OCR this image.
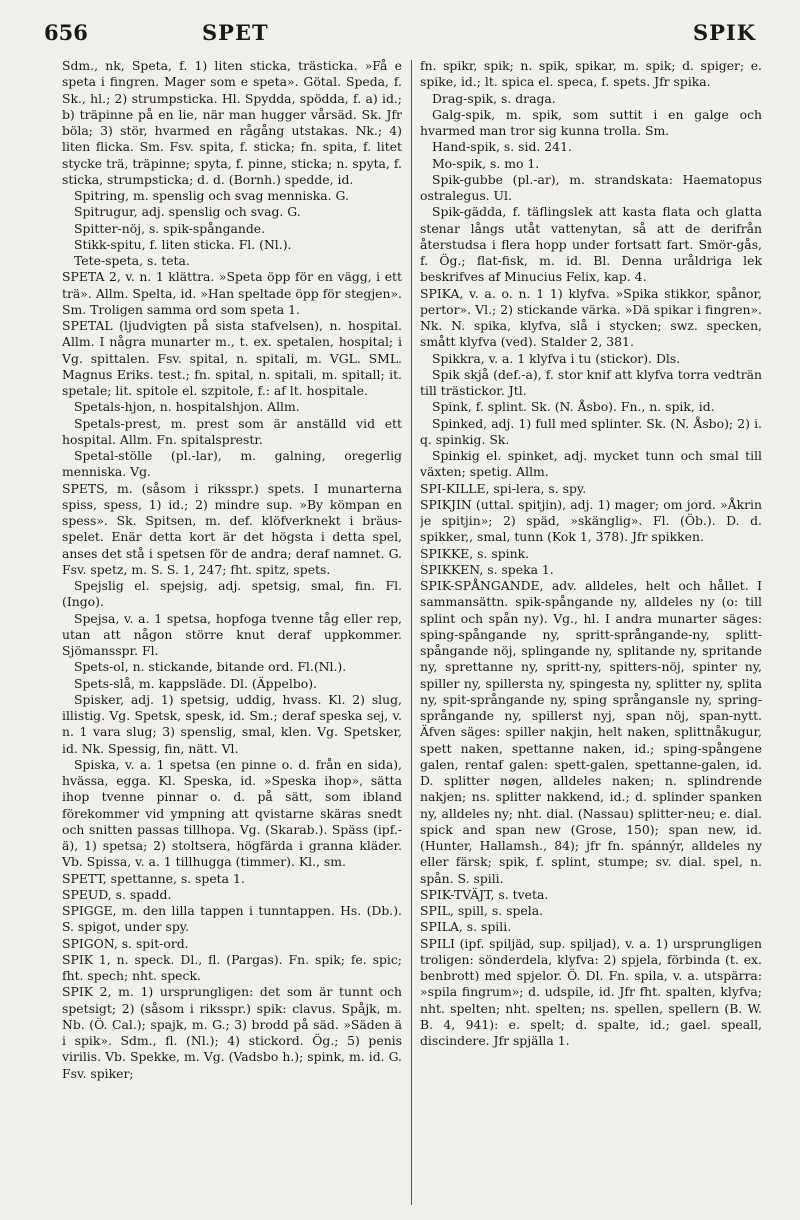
656	SPET	SPIK

Sdm., nk, Speta, f. 1) liten sticka, trästicka. »Få e speta i fingren. Mager som e speta». Götal. Speda, f. Sk., hl.; 2) strumpsticka. Hl. Spydda, spödda, f. a) id.; b) träpinne på en lie, när man hugger vårsäd. Sk. Jfr böla; 3) stör, hvarmed en rågång utstakas. Nk.; 4) liten flicka. Sm. Fsv. spita, f. sticka; fn. spita, f. litet stycke trä, träpinne; spyta, f. pinne, sticka; n. spyta, f. sticka, strumpsticka; d. d. (Bornh.) spedde, id.

Spitring, m. spenslig och svag menniska. G.

Spitrugur, adj. spenslig och svag. G.

Spitter-nöj, s. spik-spångande.

Stikk-spitu, f. liten sticka. Fl. (Nl.).

Tete-speta, s. teta.

SPETA 2, v. n. 1 klättra. »Speta öpp för en vägg, i ett trä». Allm. Spelta, id. »Han speltade öpp för stegjen». Sm. Troligen samma ord som speta 1.

SPETAL (ljudvigten på sista stafvelsen), n. hospital. Allm. I några munarter m., t. ex. spetalen, hospital; i Vg. spittalen. Fsv. spital, n. spitali, m. VGL. SML. Magnus Eriks. test.; fn. spital, n. spitali, m. spitall; it. spetale; lit. spitole el. szpitole, f.: af lt. hospitale.

Spetals-hjon, n. hospitalshjon. Allm.

Spetals-prest, m. prest som är anställd vid ett hospital. Allm. Fn. spitalsprestr.

Spetal-stölle (pl.-lar), m. galning, oregerlig menniska. Vg.

SPETS, m. (såsom i riksspr.) spets. I munarterna spiss, spess, 1) id.; 2) mindre sup. »By kömpan en spess». Sk. Spitsen, m. def. klöfverknekt i bräus-spelet. Enär detta kort är det högsta i detta spel, anses det stå i spetsen för de andra; deraf namnet. G. Fsv. spetz, m. S. S. 1, 247; fht. spitz, spets.

Spejslig el. spejsig, adj. spetsig, smal, fin. Fl. (Ingo).

Spejsa, v. a. 1 spetsa, hopfoga tvenne tåg eller rep, utan att någon större knut deraf uppkommer. Sjömansspr. Fl.

Spets-ol, n. stickande, bitande ord. Fl.(Nl.).

Spets-slå, m. kappsläde. Dl. (Äppelbo).

Spisker, adj. 1) spetsig, uddig, hvass. Kl. 2) slug, illistig. Vg. Spetsk, spesk, id. Sm.; deraf speska sej, v. n. 1 vara slug; 3) spenslig, smal, klen. Vg. Spetsker, id. Nk. Spessig, fin, nätt. Vl.

Spiska, v. a. 1 spetsa (en pinne o. d. från en sida), hvässa, egga. Kl. Speska, id. »Speska ihop», sätta ihop tvenne pinnar o. d. på sätt, som ibland förekommer vid ympning att qvistarne skäras snedt och snitten passas tillhopa. Vg. (Skarab.). Späss (ipf.-ä), 1) spetsa; 2) stoltsera, högfärda i granna kläder. Vb. Spissa, v. a. 1 tillhugga (timmer). Kl., sm.

SPETT, spettanne, s. speta 1.

SPEUD, s. spadd.

SPIGGE, m. den lilla tappen i tunntappen. Hs. (Db.). S. spigot, under spy.

SPIGON, s. spit-ord.

SPIK 1, n. speck. Dl., fl. (Pargas). Fn. spik; fe. spic; fht. spech; nht. speck.

SPIK 2, m. 1) ursprungligen: det som är tunnt och spetsigt; 2) (såsom i riksspr.) spik: clavus. Spåjk, m. Nb. (Ö. Cal.); spajk, m. G.; 3) brodd på säd. »Säden ä i spik». Sdm., fl. (Nl.); 4) stickord. Ög.; 5) penis virilis. Vb. Spekke, m. Vg. (Vadsbo h.); spink, m. id. G. Fsv. spiker;

fn. spikr, spik; n. spik, spikar, m. spik; d. spiger; e. spike, id.; lt. spica el. speca, f. spets. Jfr spika.

Drag-spik, s. draga.

Galg-spik, m. spik, som suttit i en galge och hvarmed man tror sig kunna trolla. Sm.

Hand-spik, s. sid. 241.

Mo-spik, s. mo 1.

Spik-gubbe (pl.-ar), m. strandskata: Haematopus ostralegus. Ul.

Spik-gädda, f. täflingslek att kasta flata och glatta stenar långs utåt vattenytan, så att de derifrån återstudsa i flera hopp under fortsatt fart. Smör-gås, f. Ög.; flat-fisk, m. id. Bl. Denna uråldriga lek beskrifves af Minucius Felix, kap. 4.

SPIKA, v. a. o. n. 1 1) klyfva. »Spika stikkor, spånor, pertor». Vl.; 2) stickande värka. »Dä spikar i fingren». Nk. N. spika, klyfva, slå i stycken; swz. specken, smått klyfva (ved). Stalder 2, 381.

Spikkra, v. a. 1 klyfva i tu (stickor). Dls.

Spik skjå (def.-a), f. stor knif att klyfva torra vedträn till trästickor. Jtl.

Spink, f. splint. Sk. (N. Åsbo). Fn., n. spik, id.

Spinked, adj. 1) full med splinter. Sk. (N. Åsbo); 2) i. q. spinkig. Sk.

Spinkig el. spinket, adj. mycket tunn och smal till växten; spetig. Allm.

SPI-KILLE, spi-lera, s. spy.

SPIKJIN (uttal. spitjin), adj. 1) mager; om jord. »Åkrin je spitjin»; 2) späd, »skänglig». Fl. (Öb.). D. d. spikker,, smal, tunn (Kok 1, 378). Jfr spikken.

SPIKKE, s. spink.

SPIKKEN, s. speka 1.

SPIK-SPÅNGANDE, adv. alldeles, helt och hållet. I sammansättn. spik-spångande ny, alldeles ny (o: till splint och spån ny). Vg., hl. I andra munarter säges: sping-spångande ny, spritt-språngande-ny, splitt-spångande nöj, splingande ny, splitande ny, spritande ny, sprettanne ny, spritt-ny, spitters-nöj, spinter ny, spiller ny, spillersta ny, spingesta ny, splitter ny, splita ny, spit-språngande ny, sping språngansle ny, spring-språngande ny, spillerst nyj, span nöj, span-nytt. Äfven säges: spiller nakjin, helt naken, splittnåkugur, spett naken, spettanne naken, id.; sping-spångene galen, rentaf galen: spett-galen, spettanne-galen, id. D. splitter nøgen, alldeles naken; n. splindrende nakjen; ns. splitter nakkend, id.; d. splinder spanken ny, alldeles ny; nht. dial. (Nassau) splitter-neu; e. dial. spick and span new (Grose, 150); span new, id. (Hunter, Hallamsh., 84); jfr fn. spánnýr, alldeles ny eller färsk; spik, f. splint, stumpe; sv. dial. spel, n. spån. S. spili.

SPIK-TVÄJT, s. tveta.

SPIL, spill, s. spela.

SPILA, s. spili.

SPILI (ipf. spiljäd, sup. spiljad), v. a. 1) ursprungligen troligen: sönderdela, klyfva: 2) spjela, förbinda (t. ex. benbrott) med spjelor. Ö. Dl. Fn. spila, v. a. utspärra: »spila fingrum»; d. udspile, id. Jfr fht. spalten, klyfva; nht. spelten; nht. spelten; ns. spellen, spellern (B. W. B. 4, 941): e. spelt; d. spalte, id.; gael. speall, discindere. Jfr spjälla 1.
